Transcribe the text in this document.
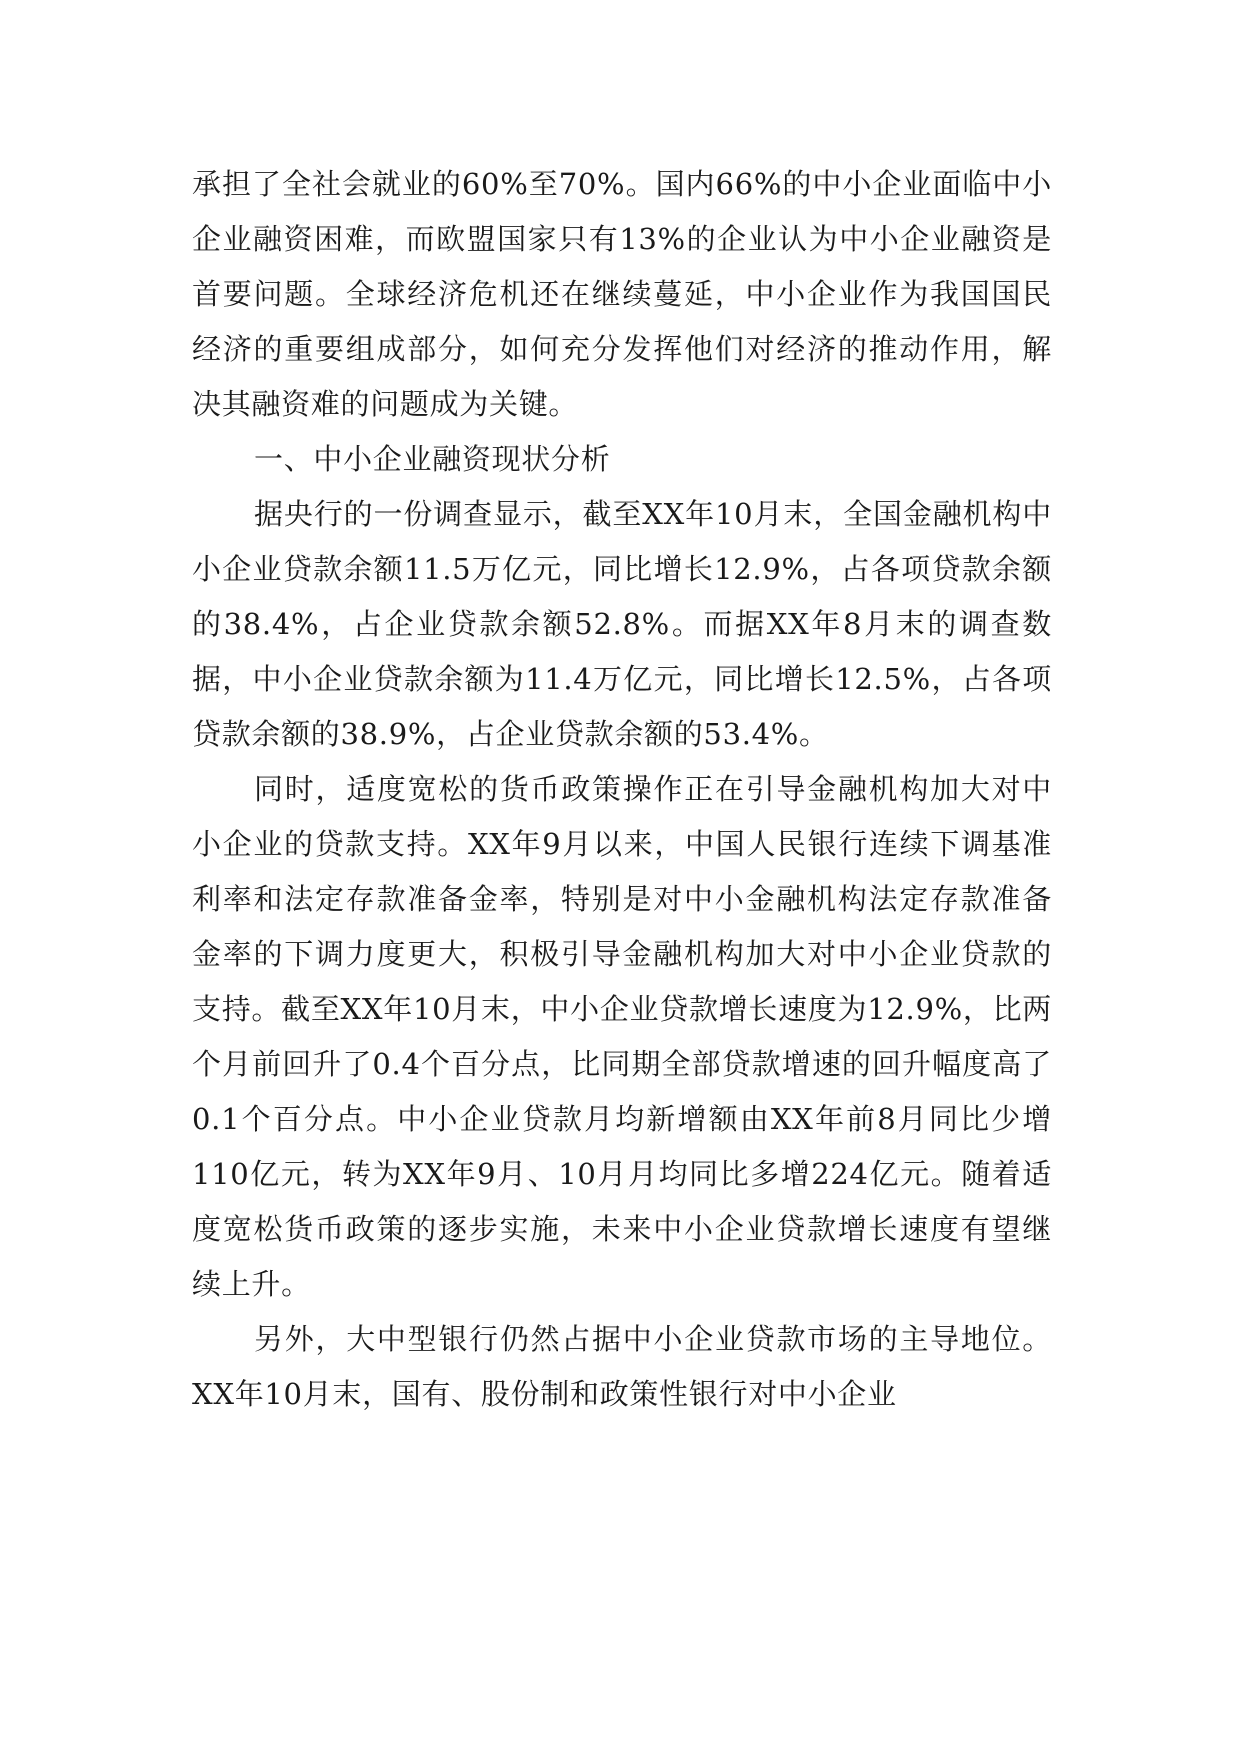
承担了全社会就业的60%至70%。国内66%的中小企业面临中小企业融资困难，而欧盟国家只有13%的企业认为中小企业融资是首要问题。全球经济危机还在继续蔓延，中小企业作为我国国民经济的重要组成部分，如何充分发挥他们对经济的推动作用，解决其融资难的问题成为关键。

一、中小企业融资现状分析

据央行的一份调查显示，截至XX年10月末，全国金融机构中小企业贷款余额11.5万亿元，同比增长12.9%，占各项贷款余额的38.4%，占企业贷款余额52.8%。而据XX年8月末的调查数据，中小企业贷款余额为11.4万亿元，同比增长12.5%，占各项贷款余额的38.9%，占企业贷款余额的53.4%。

同时，适度宽松的货币政策操作正在引导金融机构加大对中小企业的贷款支持。XX年9月以来，中国人民银行连续下调基准利率和法定存款准备金率，特别是对中小金融机构法定存款准备金率的下调力度更大，积极引导金融机构加大对中小企业贷款的支持。截至XX年10月末，中小企业贷款增长速度为12.9%，比两个月前回升了0.4个百分点，比同期全部贷款增速的回升幅度高了0.1个百分点。中小企业贷款月均新增额由XX年前8月同比少增110亿元，转为XX年9月、10月月均同比多增224亿元。随着适度宽松货币政策的逐步实施，未来中小企业贷款增长速度有望继续上升。

另外，大中型银行仍然占据中小企业贷款市场的主导地位。XX年10月末，国有、股份制和政策性银行对中小企业
